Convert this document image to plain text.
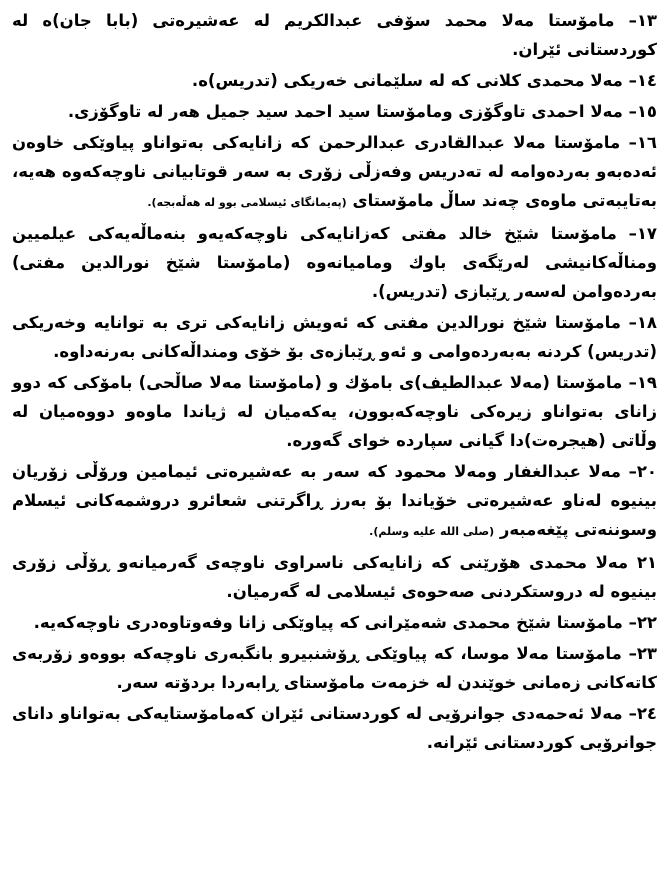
١٣– مامۆستا مەلا محمد سۆفی عبدالكريم لە عەشیرەتی (بابا جان)ە لە كوردستانی ئێران.

١٤– مەلا محمدی كلانی كە لە سلێمانی خەریكی (تدريس)ە.

١٥– مەلا احمدی تاوگۆزی ومامۆستا سید احمد سید جمیل هەر لە تاوگۆزی.

١٦– مامۆستا مەلا عبدالقادری عبدالرحمن كە زانایەكی بەتواناو پیاوێكی خاوەن ئەدەبەو بەردەوامە لە تەدریس وفەزڵی زۆری بە سەر قوتابیانی ناوچەكەوە هەیە، بەتایبەتی ماوەی چەند ساڵ مامۆستای (پەیمانگای ئیسلامی بوو لە هەڵەبجە).

١٧– مامۆستا شێخ خالد مفتی كەزانایەكی ناوچەكەیەو بنەماڵەیەكی عیلمیین ومناڵەكانیشی لەرێگەی باوك ومامیانەوە (مامۆستا شێخ نورالدين مفتی) بەردەوامن لەسەر ڕێبازی (تدريس).

١٨– مامۆستا شێخ نورالدين مفتی كە ئەویش زانایەكی تری بە توانایە وخەریكی (تدريس) كردنە بەبەردەوامی و ئەو ڕێبازەی بۆ خۆی ومنداڵەكانی بەرنەداوە.

١٩– مامۆستا (مەلا عبدالطيف)ی بامۆك و (مامۆستا مەلا صاڵحی) بامۆكی كە دوو زانای بەتواناو زیرەكی ناوچەكەبوون، یەكەمیان لە ژیاندا ماوەو دووەمیان لە وڵاتی (هیجرەت)دا گیانی سپاردە خوای گەورە.

٢٠– مەلا عبدالغفار ومەلا محمود كە سەر بە عەشیرەتی ئیمامین ورۆڵی زۆریان بینیوە لەناو عەشیرەتی خۆیاندا بۆ بەرز ڕاگرتنی شعائرو دروشمەكانی ئیسلام وسوننەتی پێغەمبەر (صلى الله عليه وسلم).

٢١ مەلا محمدی هۆرێنی كە زانایەكی ناسراوی ناوچەی گەرمیانەو ڕۆڵی زۆری بینیوە لە دروستكردنی صەحوەی ئیسلامی لە گەرمیان.

٢٢– مامۆستا شێخ محمدی شەمێرانی كە پیاوێكی زانا وفەوتاوەدری ناوچەكەیە.

٢٣– مامۆستا مەلا موسا، كە پیاوێكی ڕۆشنبیرو بانگبەری ناوچەكە بووەو زۆربەی كاتەكانی زەمانی خوێندن لە خزمەت مامۆستای ڕابەردا بردۆتە سەر.

٢٤– مەلا ئەحمەدی جوانرۆیی لە كوردستانی ئێران كەمامۆستایەكی بەتواناو دانای جوانرۆیی كوردستانی ئێرانە.
